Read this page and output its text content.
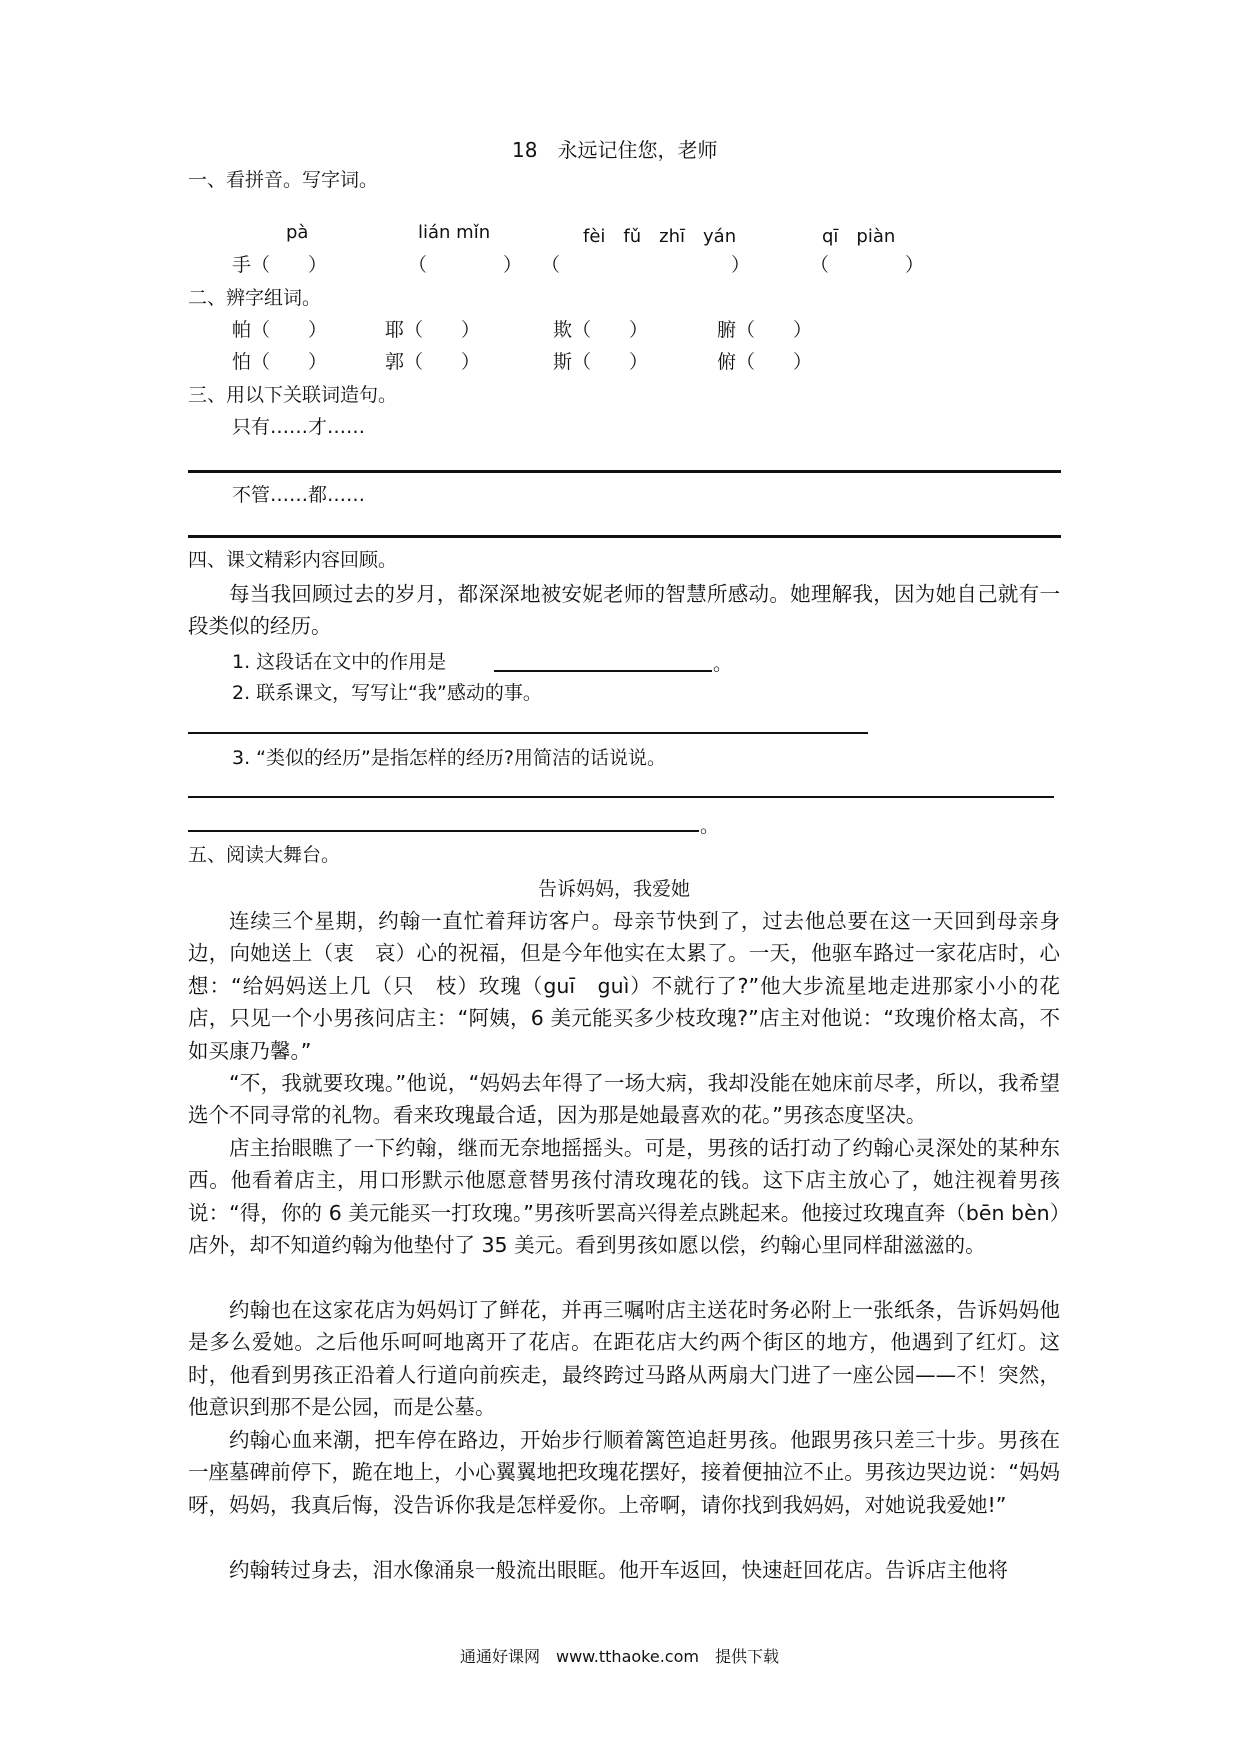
18　永远记住您，老师
一、看拼音。写字词。
pà	lián mǐn	fèi　fǔ　zhī　yán	qī　piàn
手（　　）	（　　　　） （　　　　　　　　　）	（　　　　）
二、辨字组词。
帕（　　）	耶（　　）	欺（　　）	腑（　　）
怕（　　）	郭（　　）	斯（　　）	俯（　　）
三、用以下关联词造句。
只有……才……
不管……都……
四、课文精彩内容回顾。
每当我回顾过去的岁月，都深深地被安妮老师的智慧所感动。她理解我，因为她自己就有一段类似的经历。
1. 这段话在文中的作用是	。
2. 联系课文，写写让“我”感动的事。
3. “类似的经历”是指怎样的经历?用简洁的话说说。
。
五、阅读大舞台。
告诉妈妈，我爱她
连续三个星期，约翰一直忙着拜访客户。母亲节快到了，过去他总要在这一天回到母亲身边，向她送上（衷　哀）心的祝福，但是今年他实在太累了。一天，他驱车路过一家花店时，心想：“给妈妈送上几（只　枝）玫瑰（guī　guì）不就行了?”他大步流星地走进那家小小的花店，只见一个小男孩问店主：“阿姨，6 美元能买多少枝玫瑰?”店主对他说：“玫瑰价格太高，不如买康乃馨。”
“不，我就要玫瑰。”他说，“妈妈去年得了一场大病，我却没能在她床前尽孝，所以，我希望选个不同寻常的礼物。看来玫瑰最合适，因为那是她最喜欢的花。”男孩态度坚决。
店主抬眼瞧了一下约翰，继而无奈地摇摇头。可是，男孩的话打动了约翰心灵深处的某种东西。他看着店主，用口形默示他愿意替男孩付清玫瑰花的钱。这下店主放心了，她注视着男孩说：“得，你的 6 美元能买一打玫瑰。”男孩听罢高兴得差点跳起来。他接过玫瑰直奔（bēn bèn）店外，却不知道约翰为他垫付了 35 美元。看到男孩如愿以偿，约翰心里同样甜滋滋的。
约翰也在这家花店为妈妈订了鲜花，并再三嘱咐店主送花时务必附上一张纸条，告诉妈妈他是多么爱她。之后他乐呵呵地离开了花店。在距花店大约两个街区的地方，他遇到了红灯。这时，他看到男孩正沿着人行道向前疾走，最终跨过马路从两扇大门进了一座公园——不！突然，他意识到那不是公园，而是公墓。
约翰心血来潮，把车停在路边，开始步行顺着篱笆追赶男孩。他跟男孩只差三十步。男孩在一座墓碑前停下，跪在地上，小心翼翼地把玫瑰花摆好，接着便抽泣不止。男孩边哭边说：“妈妈呀，妈妈，我真后悔，没告诉你我是怎样爱你。上帝啊，请你找到我妈妈，对她说我爱她!”
约翰转过身去，泪水像涌泉一般流出眼眶。他开车返回，快速赶回花店。告诉店主他将
通通好课网　www.tthaoke.com　提供下载
